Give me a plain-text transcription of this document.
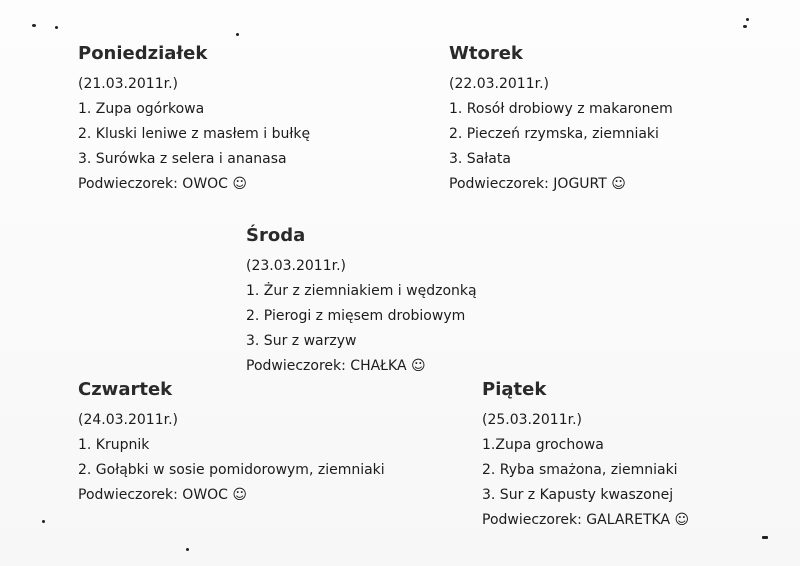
Poniedziałek
(21.03.2011r.)
1. Zupa ogórkowa
2. Kluski leniwe z masłem i bułkę
3. Surówka z selera i ananasa
Podwieczorek: OWOC ☺
Wtorek
(22.03.2011r.)
1. Rosół drobiowy z makaronem
2. Pieczeń rzymska, ziemniaki
3. Sałata
Podwieczorek: JOGURT ☺
Środa
(23.03.2011r.)
1. Żur z ziemniakiem i wędzonką
2. Pierogi z mięsem drobiowym
3. Sur z warzyw
Podwieczorek: CHAŁKA ☺
Czwartek
(24.03.2011r.)
1. Krupnik
2. Gołąbki w sosie pomidorowym, ziemniaki
Podwieczorek: OWOC ☺
Piątek
(25.03.2011r.)
1.Zupa grochowa
2. Ryba smażona, ziemniaki
3. Sur z Kapusty kwaszonej
Podwieczorek: GALARETKA ☺
